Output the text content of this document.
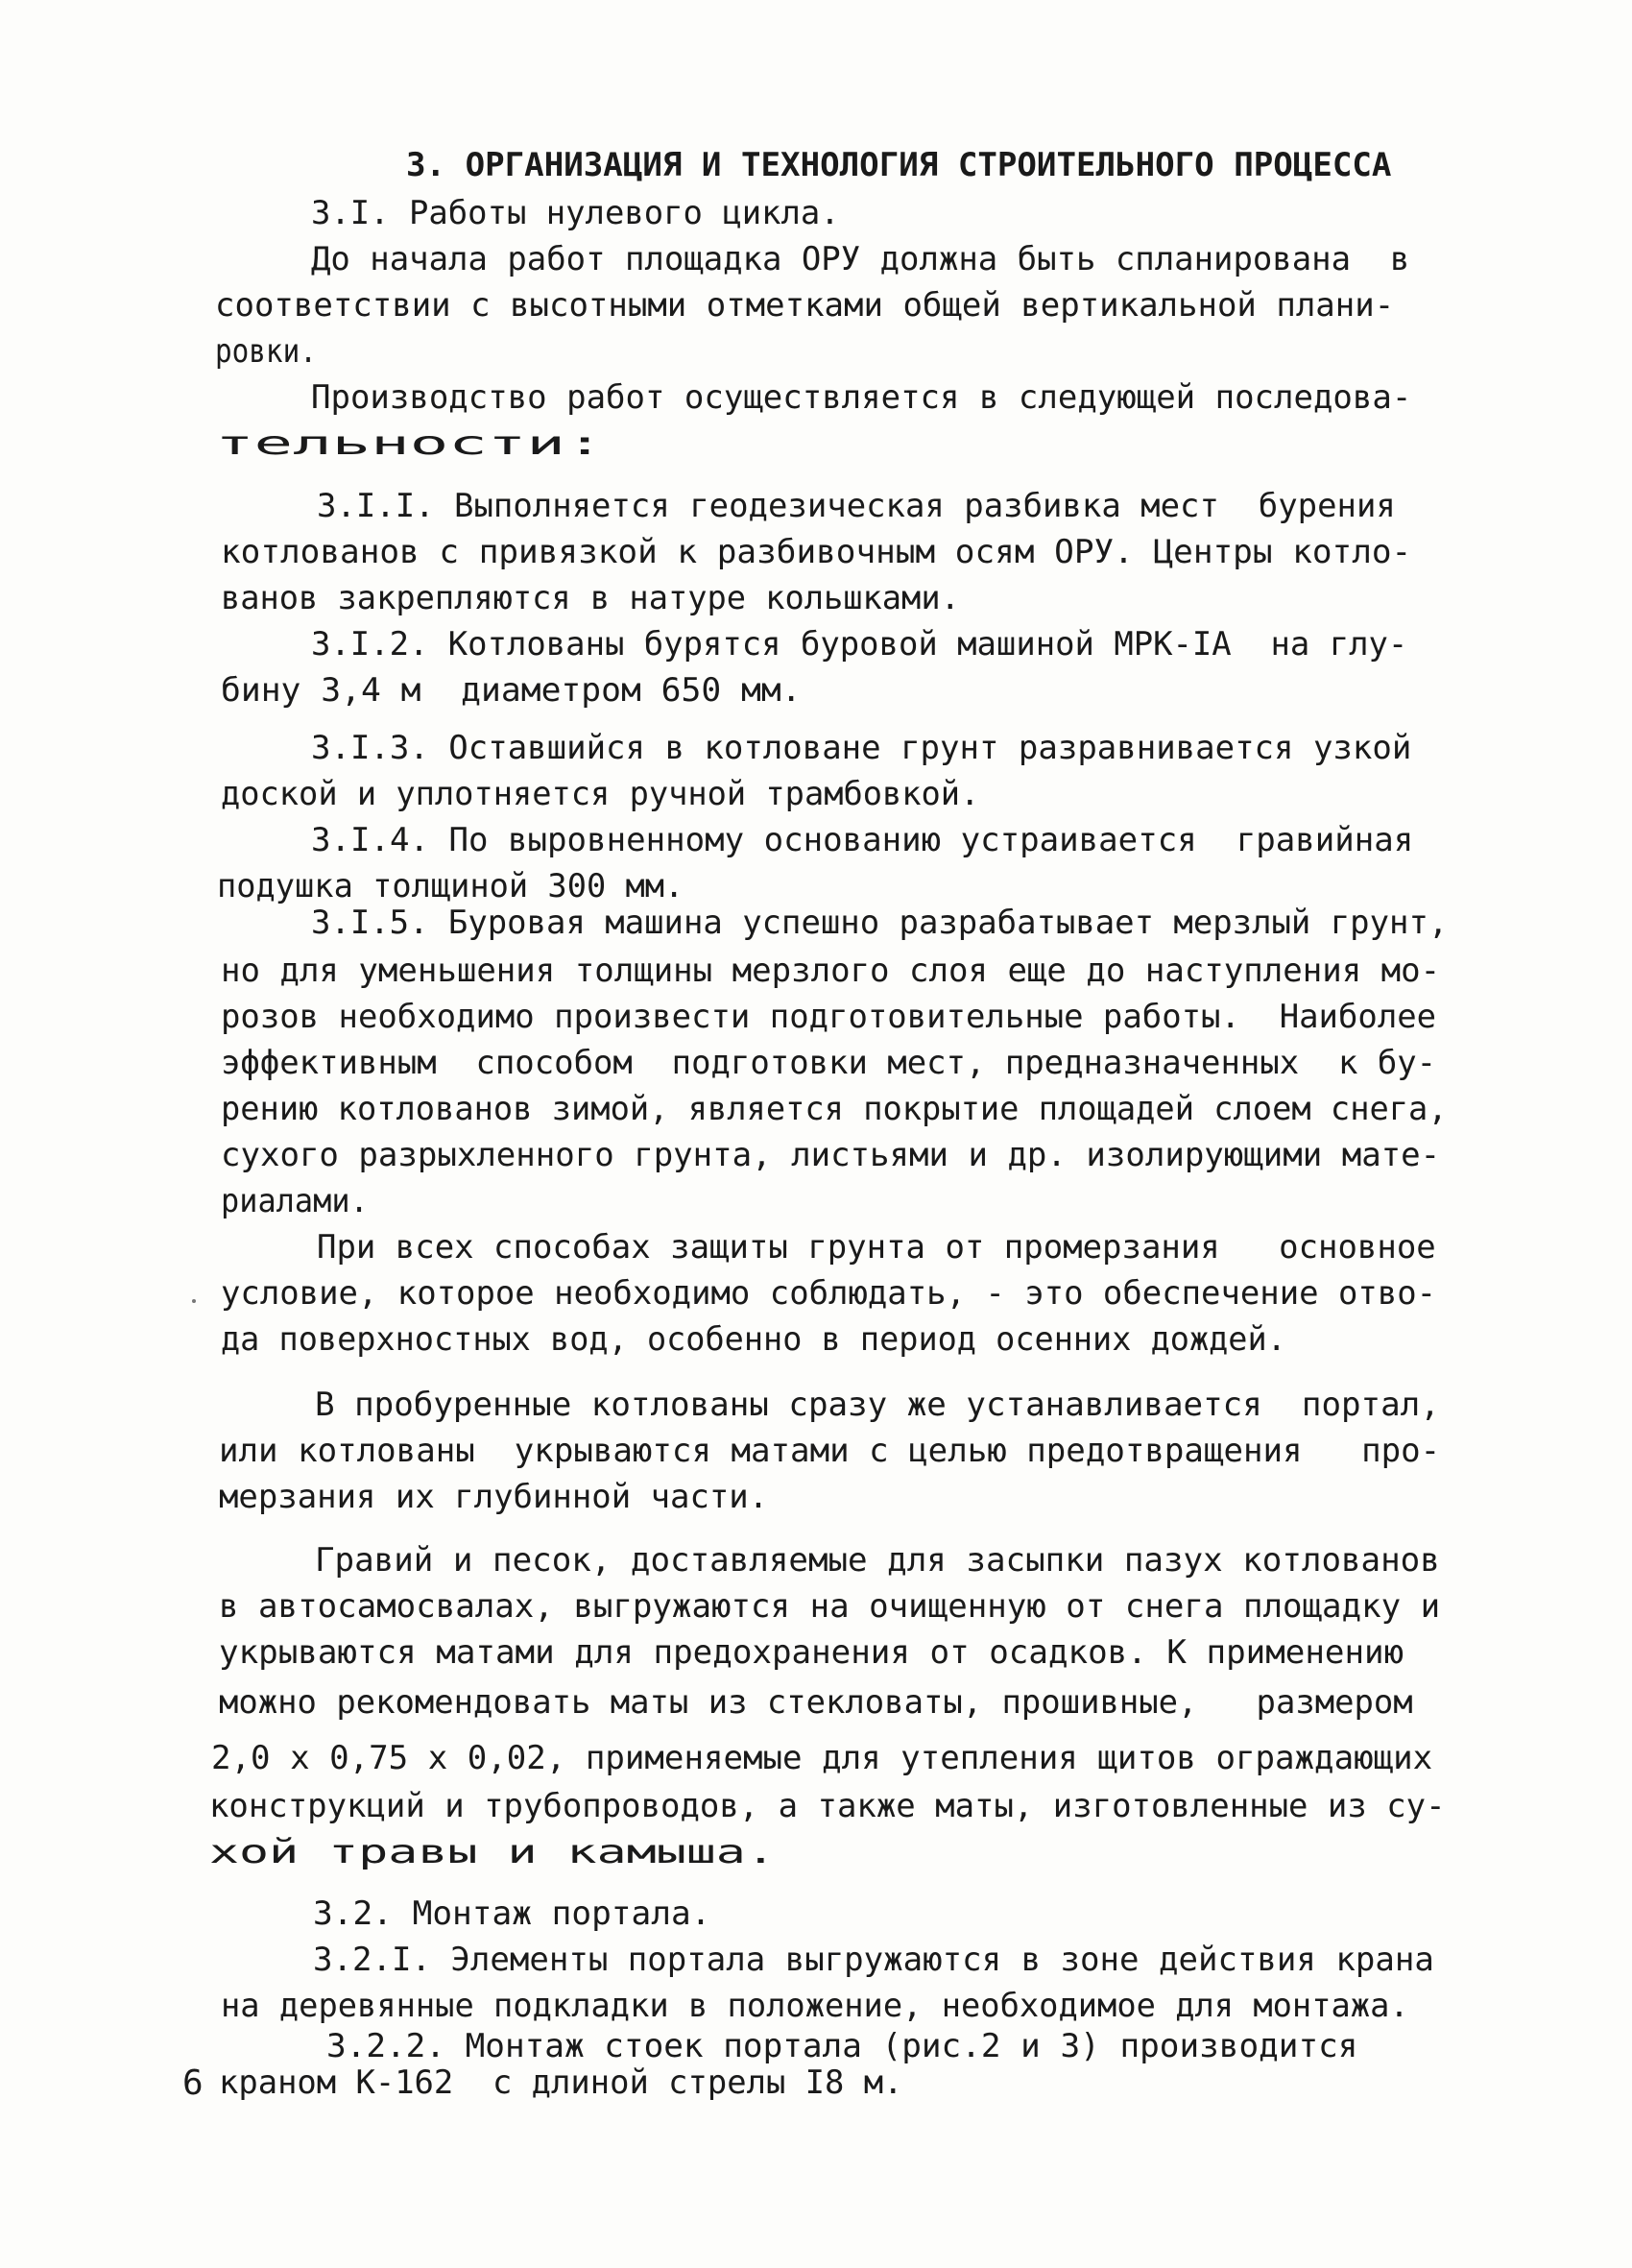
3. ОРГАНИЗАЦИЯ И ТЕХНОЛОГИЯ СТРОИТЕЛЬНОГО ПРОЦЕССА

3.I. Работы нулевого цикла.

До начала работ площадка ОРУ должна быть спланирована  в

соответствии с высотными отметками общей вертикальной плани-

ровки.

Производство работ осуществляется в следующей последова-

тельности:

3.I.I. Выполняется геодезическая разбивка мест  бурения

котлованов с привязкой к разбивочным осям ОРУ. Центры котло-

ванов закрепляются в натуре кольшками.

3.I.2. Котлованы бурятся буровой машиной МРК-IА  на глу-

бину 3,4 м  диаметром 650 мм.

3.I.3. Оставшийся в котловане грунт разравнивается узкой

доской и уплотняется ручной трамбовкой.

3.I.4. По выровненному основанию устраивается  гравийная

подушка толщиной 300 мм.

3.I.5. Буровая машина успешно разрабатывает мерзлый грунт,

но для уменьшения толщины мерзлого слоя еще до наступления мо-

розов необходимо произвести подготовительные работы.  Наиболее

эффективным  способом  подготовки мест, предназначенных  к бу-

рению котлованов зимой, является покрытие площадей слоем снега,

сухого разрыхленного грунта, листьями и др. изолирующими мате-

риалами.

При всех способах защиты грунта от промерзания   основное

условие, которое необходимо соблюдать, - это обеспечение отво-

да поверхностных вод, особенно в период осенних дождей.

В пробуренные котлованы сразу же устанавливается  портал,

или котлованы  укрываются матами с целью предотвращения   про-

мерзания их глубинной части.

Гравий и песок, доставляемые для засыпки пазух котлованов

в автосамосвалах, выгружаются на очищенную от снега площадку и

укрываются матами для предохранения от осадков. К применению

можно рекомендовать маты из стекловаты, прошивные,   размером

2,0 х 0,75 х 0,02, применяемые для утепления щитов ограждающих

конструкций и трубопроводов, а также маты, изготовленные из су-

хой травы и камыша.

3.2. Монтаж портала.

3.2.I. Элементы портала выгружаются в зоне действия крана

на деревянные подкладки в положение, необходимое для монтажа.

3.2.2. Монтаж стоек портала (рис.2 и 3) производится

краном К-162  с длиной стрелы I8 м.

6
